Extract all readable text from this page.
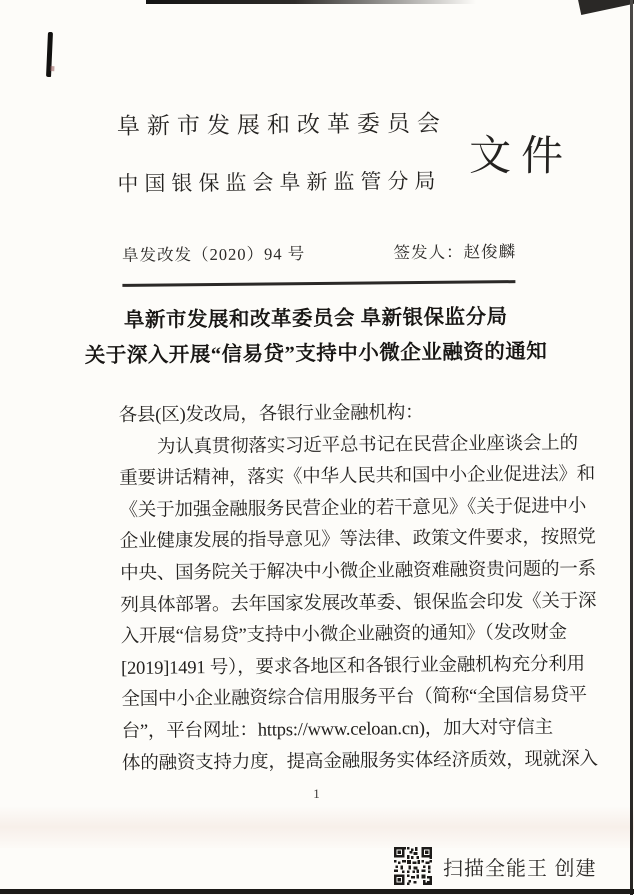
阜新市发展和改革委员会
中国银保监会阜新监管分局
文件
阜发改发（2020）94 号	签发人：赵俊麟
阜新市发展和改革委员会 阜新银保监分局
关于深入开展“信易贷”支持中小微企业融资的通知
各县(区)发改局，各银行业金融机构：
为认真贯彻落实习近平总书记在民营企业座谈会上的
重要讲话精神，落实《中华人民共和国中小企业促进法》和
《关于加强金融服务民营企业的若干意见》《关于促进中小
企业健康发展的指导意见》等法律、政策文件要求，按照党
中央、国务院关于解决中小微企业融资难融资贵问题的一系
列具体部署。去年国家发展改革委、银保监会印发《关于深
入开展“信易贷”支持中小微企业融资的通知》（发改财金
[2019]1491 号），要求各地区和各银行业金融机构充分利用
全国中小企业融资综合信用服务平台（简称“全国信易贷平
台”，平台网址：https://www.celoan.cn)，加大对守信主
体的融资支持力度，提高金融服务实体经济质效，现就深入
1
扫描全能王 创建
